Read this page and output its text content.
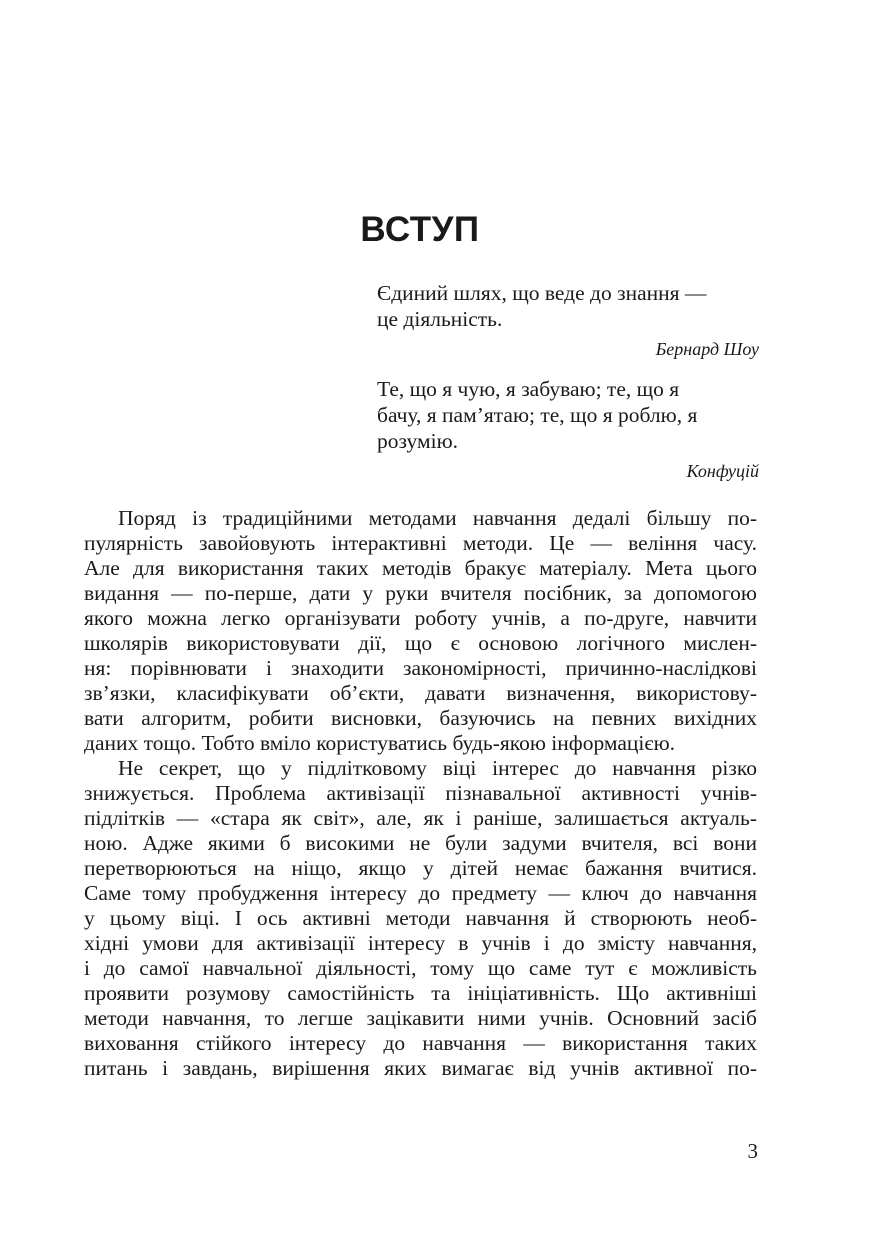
ВСТУП
Єдиний шлях, що веде до знання —
це діяльність.
Бернард Шоу
Те, що я чую, я забуваю; те, що я
бачу, я пам’ятаю; те, що я роблю, я
розумію.
Конфуцій
Поряд із традиційними методами навчання дедалі більшу по-
пулярність завойовують інтерактивні методи. Це — веління часу.
Але для використання таких методів бракує матеріалу. Мета цього
видання — по-перше, дати у руки вчителя посібник, за допомогою
якого можна легко організувати роботу учнів, а по-друге, навчити
школярів використовувати дії, що є основою логічного мислен-
ня: порівнювати і знаходити закономірності, причинно-наслідкові
зв’язки, класифікувати об’єкти, давати визначення, використову-
вати алгоритм, робити висновки, базуючись на певних вихідних
даних тощо. Тобто вміло користуватись будь-якою інформацією.
Не секрет, що у підлітковому віці інтерес до навчання різко
знижується. Проблема активізації пізнавальної активності учнів-
підлітків — «стара як світ», але, як і раніше, залишається актуаль-
ною. Адже якими б високими не були задуми вчителя, всі вони
перетворюються на ніщо, якщо у дітей немає бажання вчитися.
Саме тому пробудження інтересу до предмету — ключ до навчання
у цьому віці. І ось активні методи навчання й створюють необ-
хідні умови для активізації інтересу в учнів і до змісту навчання,
і до самої навчальної діяльності, тому що саме тут є можливість
проявити розумову самостійність та ініціативність. Що активніші
методи навчання, то легше зацікавити ними учнів. Основний засіб
виховання стійкого інтересу до навчання — використання таких
питань і завдань, вирішення яких вимагає від учнів активної по-
3
